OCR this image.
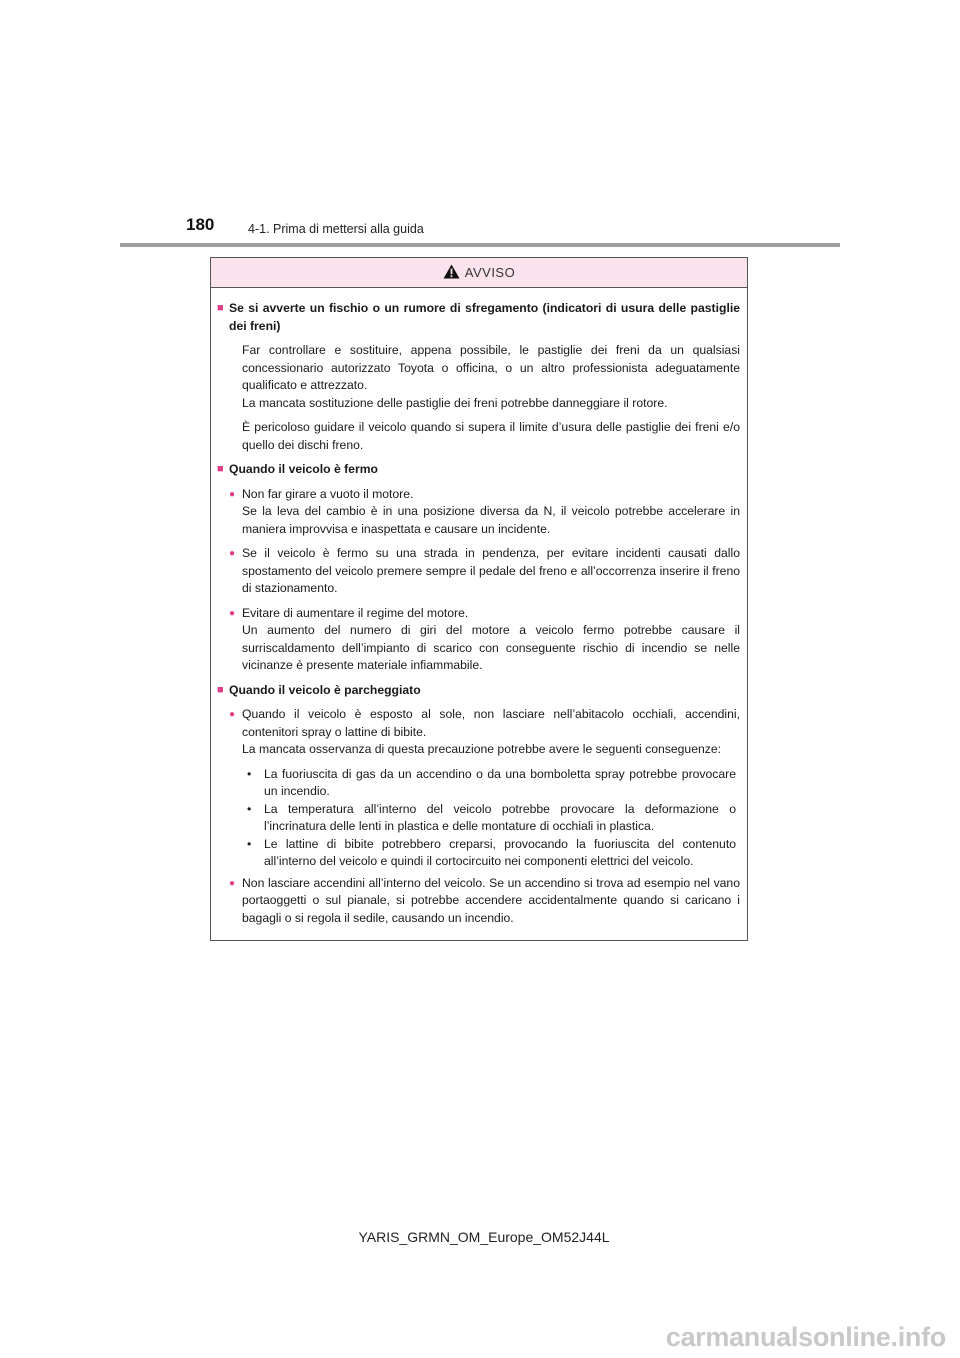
180	4-1. Prima di mettersi alla guida
AVVISO
■ Se si avverte un fischio o un rumore di sfregamento (indicatori di usura delle pastiglie dei freni)
Far controllare e sostituire, appena possibile, le pastiglie dei freni da un qualsiasi concessionario autorizzato Toyota o officina, o un altro professionista adeguatamente qualificato e attrezzato.
La mancata sostituzione delle pastiglie dei freni potrebbe danneggiare il rotore.
È pericoloso guidare il veicolo quando si supera il limite d’usura delle pastiglie dei freni e/o quello dei dischi freno.
■ Quando il veicolo è fermo
● Non far girare a vuoto il motore.
Se la leva del cambio è in una posizione diversa da N, il veicolo potrebbe accelerare in maniera improvvisa e inaspettata e causare un incidente.
● Se il veicolo è fermo su una strada in pendenza, per evitare incidenti causati dallo spostamento del veicolo premere sempre il pedale del freno e all’occorrenza inserire il freno di stazionamento.
● Evitare di aumentare il regime del motore.
Un aumento del numero di giri del motore a veicolo fermo potrebbe causare il surriscaldamento dell’impianto di scarico con conseguente rischio di incendio se nelle vicinanze è presente materiale infiammabile.
■ Quando il veicolo è parcheggiato
● Quando il veicolo è esposto al sole, non lasciare nell’abitacolo occhiali, accendini, contenitori spray o lattine di bibite.
La mancata osservanza di questa precauzione potrebbe avere le seguenti conseguenze:
•	La fuoriuscita di gas da un accendino o da una bomboletta spray potrebbe provocare un incendio.
•	La temperatura all’interno del veicolo potrebbe provocare la deformazione o l’incrinatura delle lenti in plastica e delle montature di occhiali in plastica.
•	Le lattine di bibite potrebbero creparsi, provocando la fuoriuscita del contenuto all’interno del veicolo e quindi il cortocircuito nei componenti elettrici del veicolo.
● Non lasciare accendini all’interno del veicolo. Se un accendino si trova ad esempio nel vano portaoggetti o sul pianale, si potrebbe accendere accidentalmente quando si caricano i bagagli o si regola il sedile, causando un incendio.
YARIS_GRMN_OM_Europe_OM52J44L
carmanualsonline.info
